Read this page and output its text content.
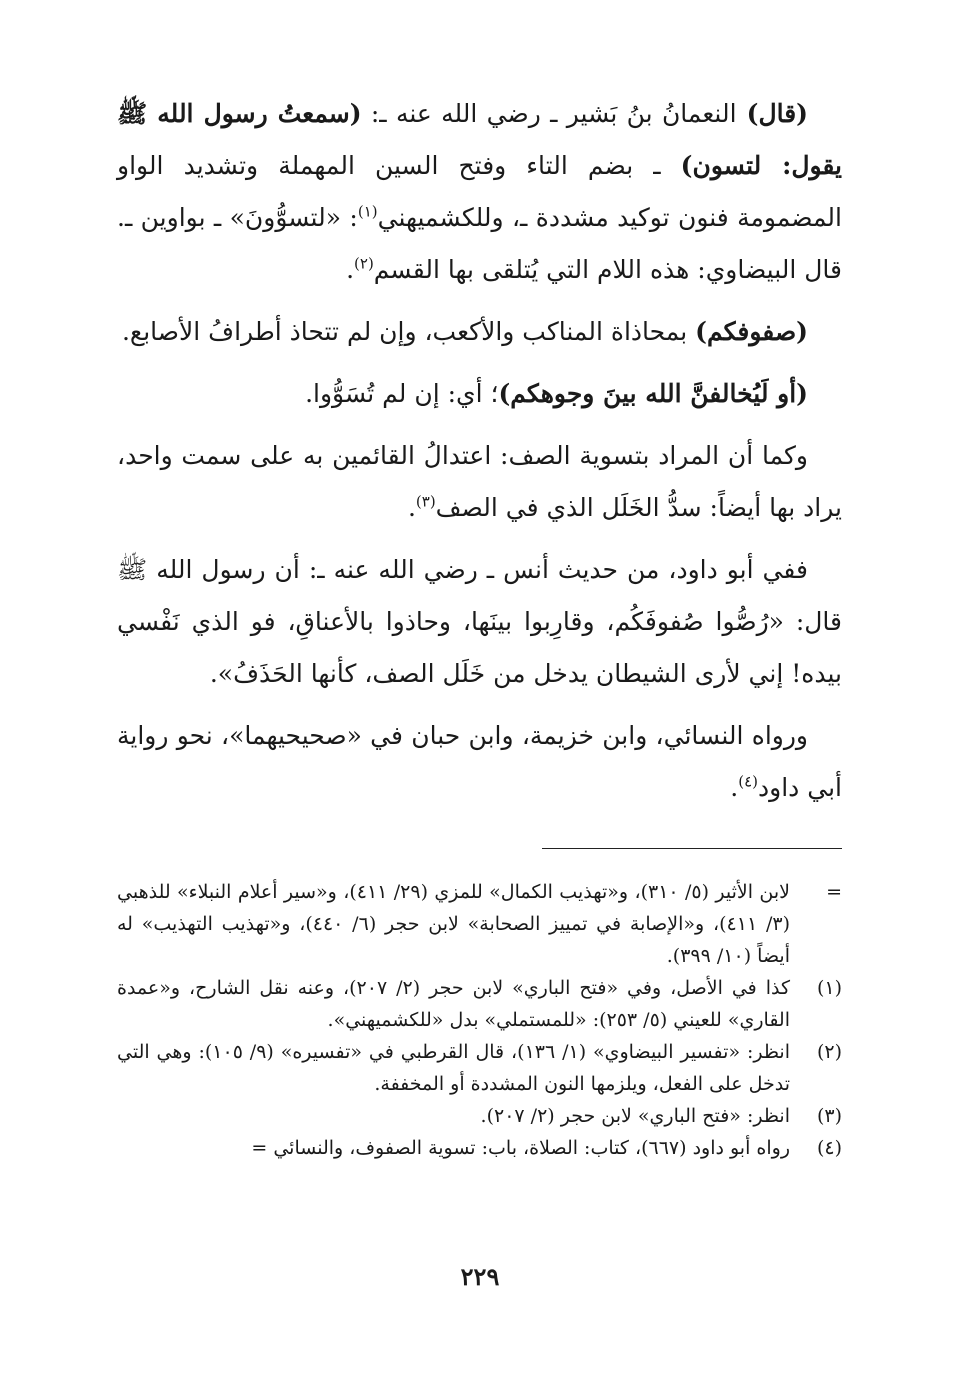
(قال) النعمانُ بنُ بَشير ـ رضي الله عنه ـ: (سمعتُ رسول الله ﷺ يقول: لتسون) ـ بضم التاء وفتح السين المهملة وتشديد الواو المضمومة فنون توكيد مشددة ـ، وللكشميهني$^{(١)}$: «لتسوُّونَ» ـ بواوين ـ. قال البيضاوي: هذه اللام التي يُتلقى بها القسم$^{(٢)}$.

(صفوفكم) بمحاذاة المناكب والأكعب، وإن لم تتحاذ أطرافُ الأصابع.

(أو لَيُخالفنَّ الله بينَ وجوهكم)؛ أي: إن لم تُسَوُّوا.

وكما أن المراد بتسوية الصف: اعتدالُ القائمين به على سمت واحد، يراد بها أيضاً: سدُّ الخَلَل الذي في الصف$^{(٣)}$.

ففي أبو داود، من حديث أنس ـ رضي الله عنه ـ: أن رسول الله ﷺ قال: «رُصُّوا صُفوفَكُم، وقارِبوا بينَها، وحاذوا بالأعناقِ، فو الذي نَفْسي بيده! إني لأرى الشيطان يدخل من خَلَل الصف، كأنها الحَذَفُ».

ورواه النسائي، وابن خزيمة، وابن حبان في «صحيحيهما»، نحو رواية أبي داود$^{(٤)}$.

=
لابن الأثير (٥/ ٣١٠)، و«تهذيب الكمال» للمزي (٢٩/ ٤١١)، و«سير أعلام النبلاء» للذهبي (٣/ ٤١١)، و«الإصابة في تمييز الصحابة» لابن حجر (٦/ ٤٤٠)، و«تهذيب التهذيب» له أيضاً (١٠/ ٣٩٩).
(١)
كذا في الأصل، وفي «فتح الباري» لابن حجر (٢/ ٢٠٧)، وعنه نقل الشارح، و«عمدة القاري» للعيني (٥/ ٢٥٣): «للمستملي» بدل «للكشميهني».
(٢)
انظر: «تفسير البيضاوي» (١/ ١٣٦)، قال القرطبي في «تفسيره» (٩/ ١٠٥): وهي التي تدخل على الفعل، ويلزمها النون المشددة أو المخففة.
(٣)
انظر: «فتح الباري» لابن حجر (٢/ ٢٠٧).
(٤)
رواه أبو داود (٦٦٧)، كتاب: الصلاة، باب: تسوية الصفوف، والنسائي =
٢٢٩
